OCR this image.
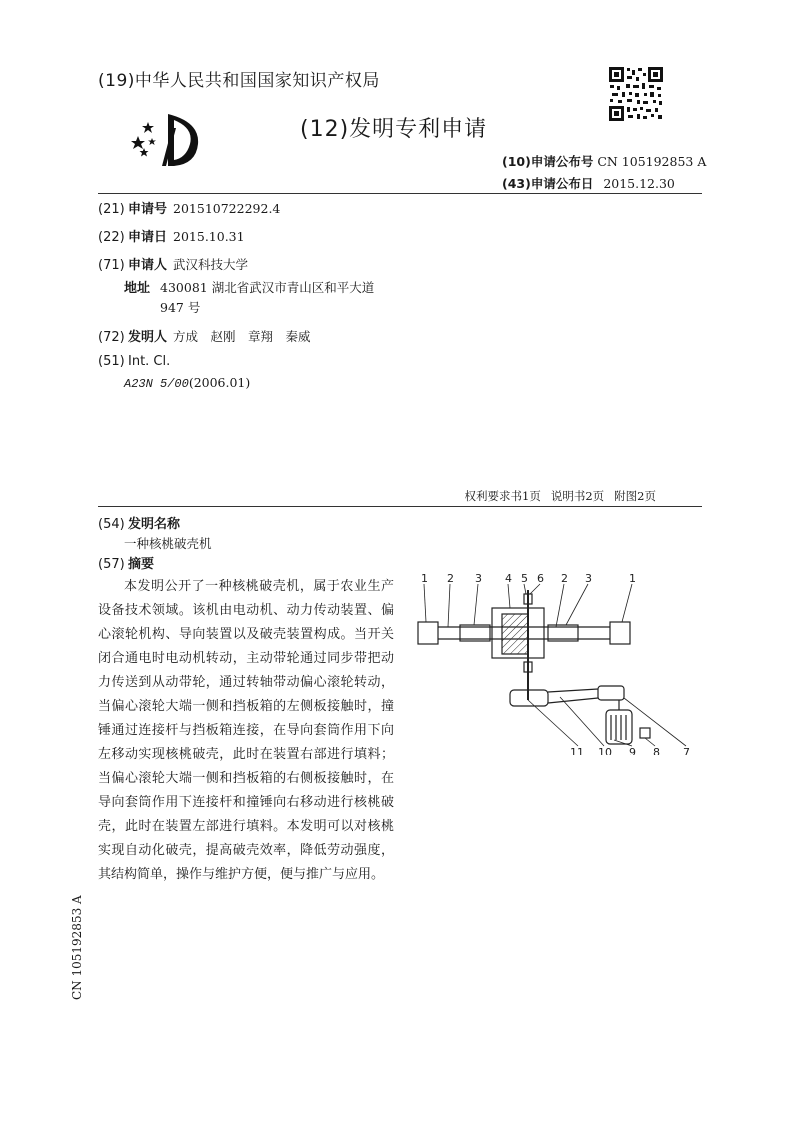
(19)中华人民共和国国家知识产权局
(12)发明专利申请
(10)申请公布号 CN 105192853 A
(43)申请公布日 2015.12.30
(21) 申请号 201510722292.4
(22) 申请日 2015.10.31
(71) 申请人 武汉科技大学
地址 430081 湖北省武汉市青山区和平大道
947 号
(72) 发明人 方成　赵刚　章翔　秦威
(51) Int. Cl.
A23N 5/00(2006.01)
权利要求书1页 说明书2页 附图2页
(54) 发明名称
一种核桃破壳机
(57) 摘要
本发明公开了一种核桃破壳机，属于农业生产设备技术领域。该机由电动机、动力传动装置、偏心滚轮机构、导向装置以及破壳装置构成。当开关闭合通电时电动机转动，主动带轮通过同步带把动力传送到从动带轮，通过转轴带动偏心滚轮转动，当偏心滚轮大端一侧和挡板箱的左侧板接触时，撞锤通过连接杆与挡板箱连接，在导向套筒作用下向左移动实现核桃破壳，此时在装置右部进行填料；当偏心滚轮大端一侧和挡板箱的右侧板接触时，在导向套筒作用下连接杆和撞锤向右移动进行核桃破壳，此时在装置左部进行填料。本发明可以对核桃实现自动化破壳，提高破壳效率，降低劳动强度，其结构简单，操作与维护方便，便与推广与应用。
1 2 3 4 5 6 2 3	1
11 10 9 8 7
CN 105192853 A
